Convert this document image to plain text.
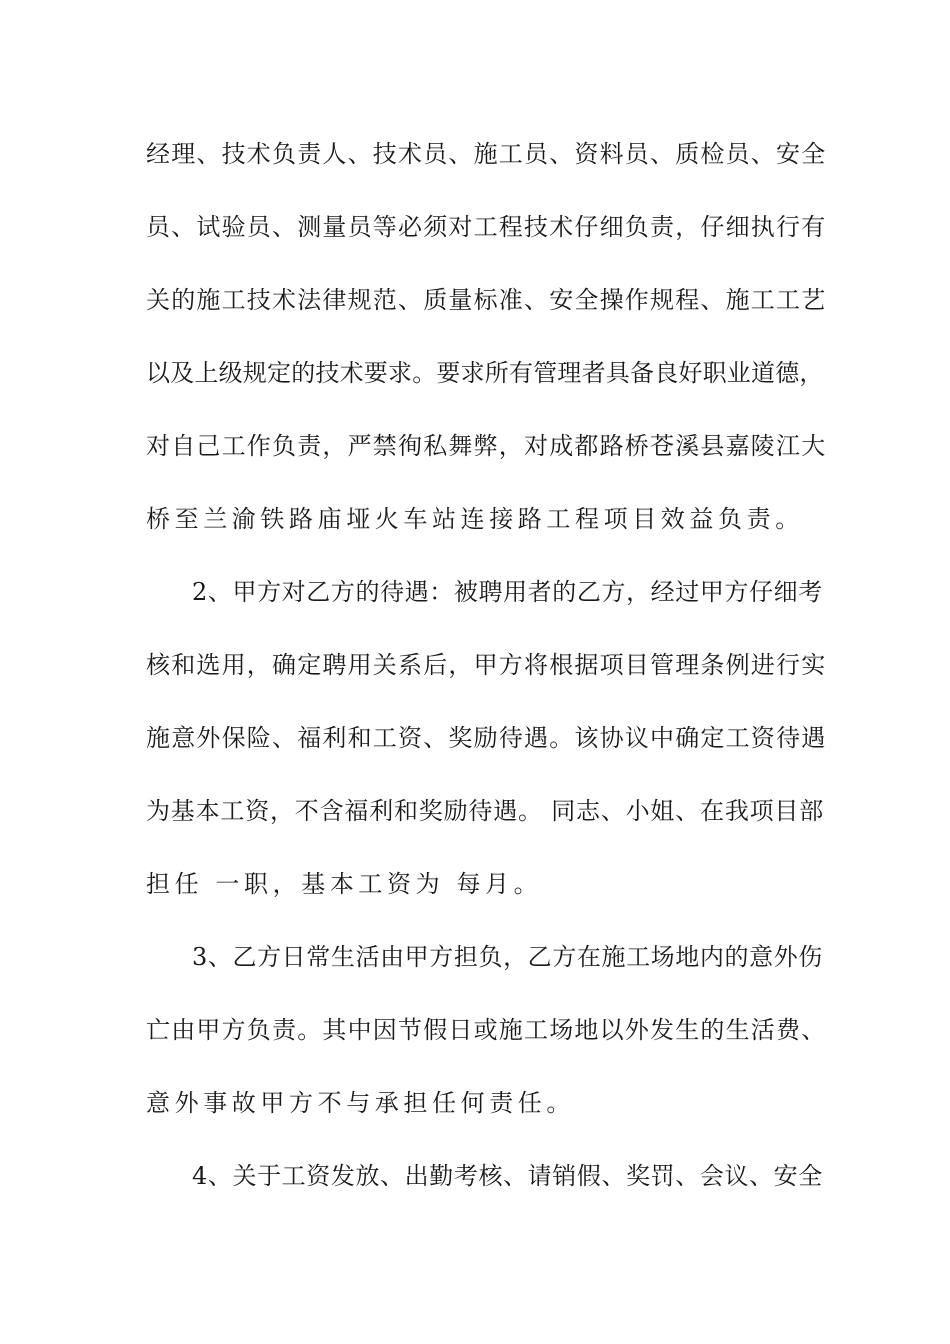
经理、技术负责人、技术员、施工员、资料员、质检员、安全
员、试验员、测量员等必须对工程技术仔细负责，仔细执行有
关的施工技术法律规范、质量标准、安全操作规程、施工工艺
以及上级规定的技术要求。要求所有管理者具备良好职业道德，
对自己工作负责，严禁徇私舞弊，对成都路桥苍溪县嘉陵江大
桥至兰渝铁路庙垭火车站连接路工程项目效益负责。
2、甲方对乙方的待遇：被聘用者的乙方，经过甲方仔细考
核和选用，确定聘用关系后，甲方将根据项目管理条例进行实
施意外保险、福利和工资、奖励待遇。该协议中确定工资待遇
为基本工资，不含福利和奖励待遇。 同志、小姐、在我项目部
担任 一职，基本工资为 每月。
3、乙方日常生活由甲方担负，乙方在施工场地内的意外伤
亡由甲方负责。其中因节假日或施工场地以外发生的生活费、
意外事故甲方不与承担任何责任。
4、关于工资发放、出勤考核、请销假、奖罚、会议、安全
